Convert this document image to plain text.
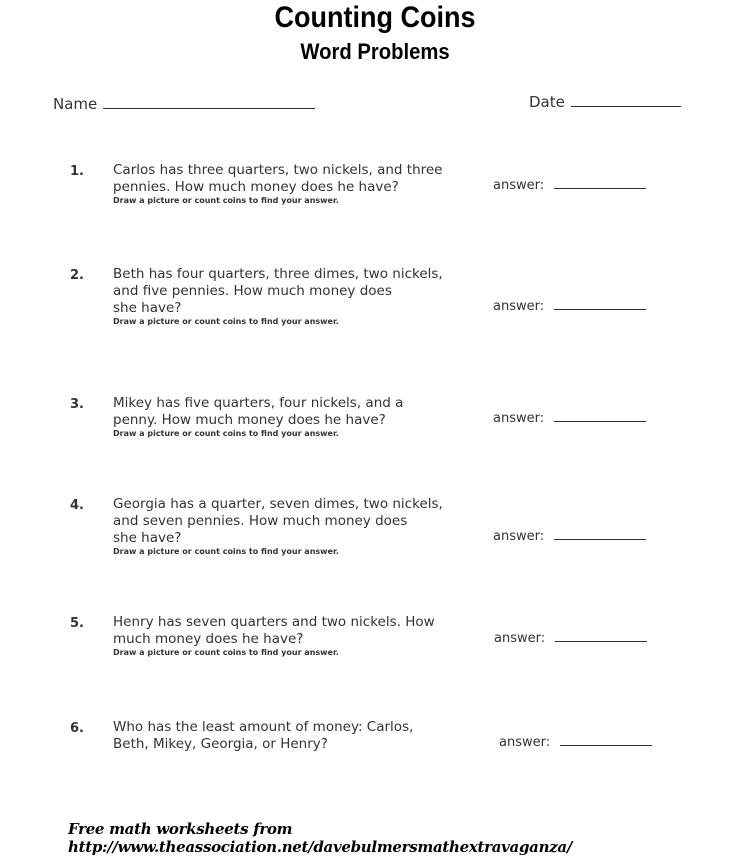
Counting Coins
Word Problems
Name	Date
1. Carlos has three quarters, two nickels, and three
pennies. How much money does he have?
Draw a picture or count coins to find your answer.
answer:
2. Beth has four quarters, three dimes, two nickels,
and five pennies. How much money does
she have?
Draw a picture or count coins to find your answer.
answer:
3. Mikey has five quarters, four nickels, and a
penny. How much money does he have?
Draw a picture or count coins to find your answer.
answer:
4. Georgia has a quarter, seven dimes, two nickels,
and seven pennies. How much money does
she have?
Draw a picture or count coins to find your answer.
answer:
5. Henry has seven quarters and two nickels. How
much money does he have?
Draw a picture or count coins to find your answer.
answer:
6. Who has the least amount of money: Carlos,
Beth, Mikey, Georgia, or Henry?	answer:
Free math worksheets from http://www.theassociation.net/davebulmersmathextravaganza/
